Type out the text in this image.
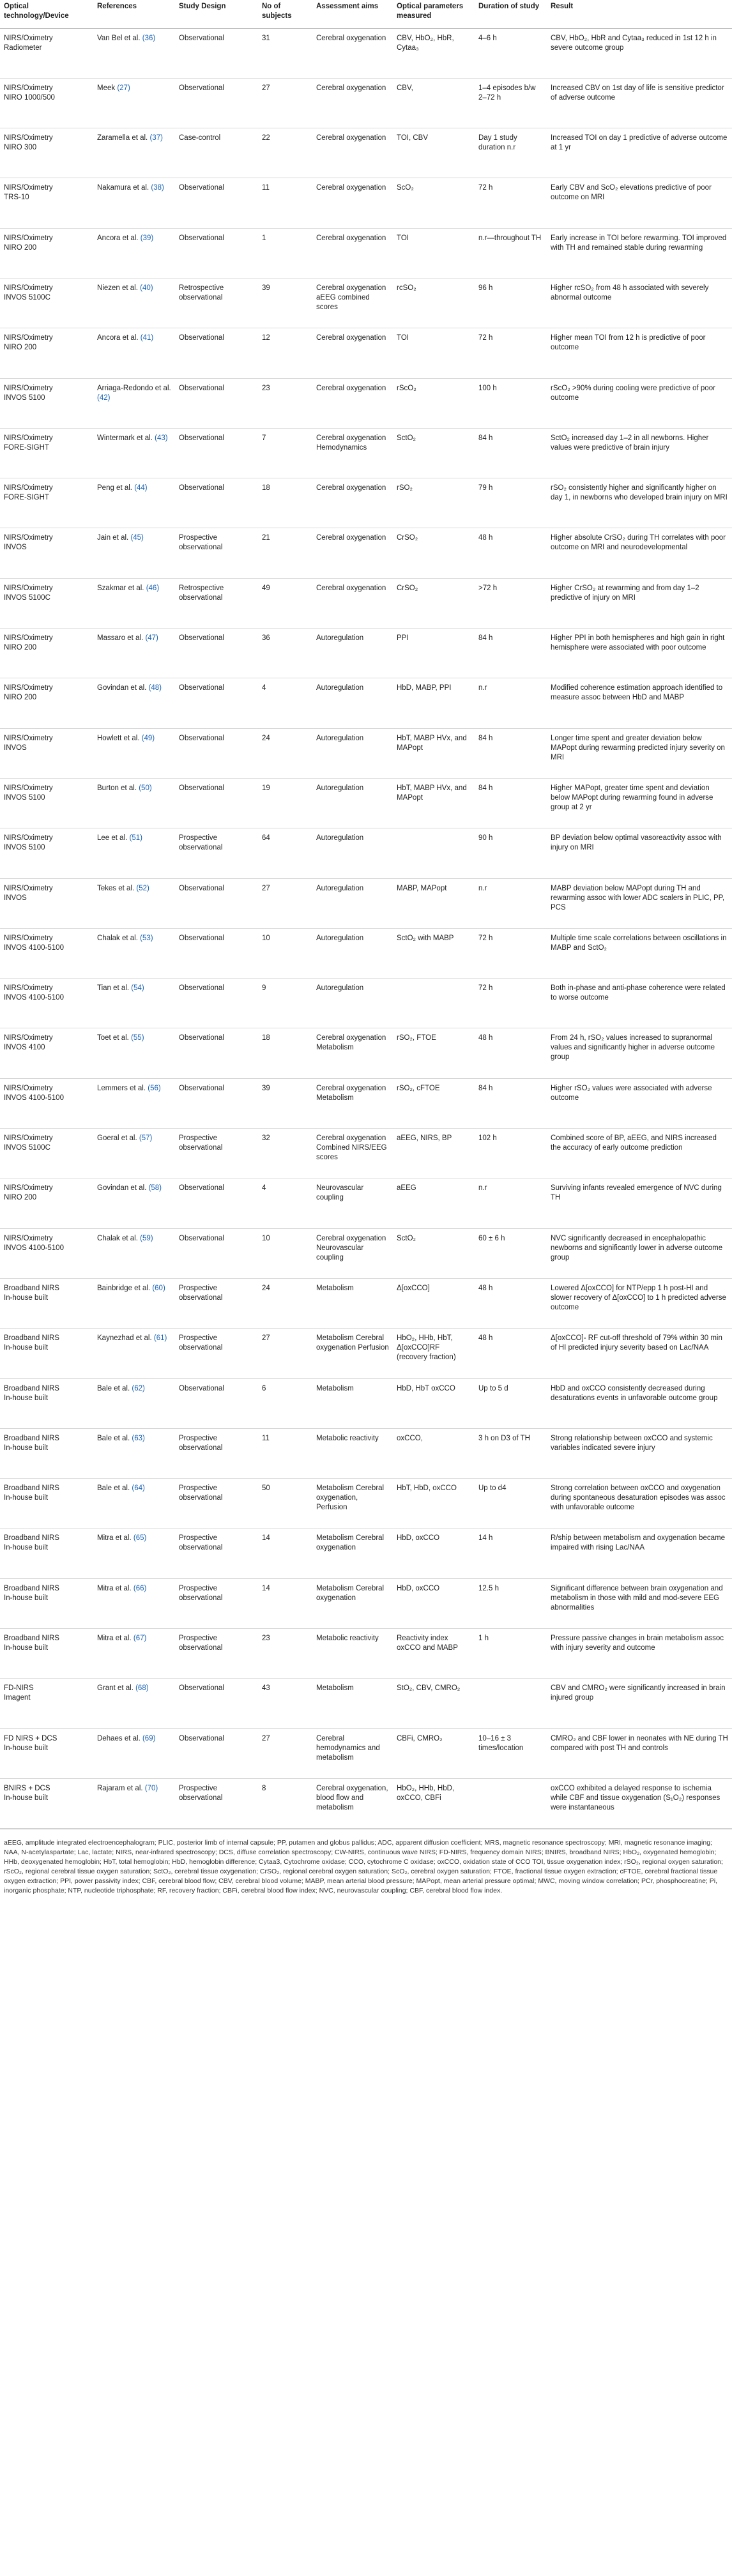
Optical technology/Device	References	Study Design	No of subjects	Assessment aims	Optical parameters measured	Duration of study	Result
NIRS/Oximetry
Radiometer	Van Bel et al. (36)	Observational	31	Cerebral oxygenation	CBV, HbO₂, HbR, Cytaa₃	4–6 h	CBV, HbO₂, HbR and Cytaa₃ reduced in 1st 12 h in severe outcome group
NIRS/Oximetry
NIRO 1000/500	Meek (27)	Observational	27	Cerebral oxygenation	CBV,	1–4 episodes b/w 2–72 h	Increased CBV on 1st day of life is sensitive predictor of adverse outcome
NIRS/Oximetry
NIRO 300	Zaramella et al. (37)	Case-control	22	Cerebral oxygenation	TOI, CBV	Day 1 study duration n.r	Increased TOI on day 1 predictive of adverse outcome at 1 yr
NIRS/Oximetry
TRS-10	Nakamura et al. (38)	Observational	11	Cerebral oxygenation	ScO₂	72 h	Early CBV and ScO₂ elevations predictive of poor outcome on MRI
NIRS/Oximetry
NIRO 200	Ancora et al. (39)	Observational	1	Cerebral oxygenation	TOI	n.r—throughout TH	Early increase in TOI before rewarming. TOI improved with TH and remained stable during rewarming
NIRS/Oximetry
INVOS 5100C	Niezen et al. (40)	Retrospective observational	39	Cerebral oxygenation aEEG combined scores	rcSO₂	96 h	Higher rcSO₂ from 48 h associated with severely abnormal outcome
NIRS/Oximetry
NIRO 200	Ancora et al. (41)	Observational	12	Cerebral oxygenation	TOI	72 h	Higher mean TOI from 12 h is predictive of poor outcome
NIRS/Oximetry
INVOS 5100	Arriaga-Redondo et al. (42)	Observational	23	Cerebral oxygenation	rScO₂	100 h	rScO₂ >90% during cooling were predictive of poor outcome
NIRS/Oximetry
FORE-SIGHT	Wintermark et al. (43)	Observational	7	Cerebral oxygenation Hemodynamics	SctO₂	84 h	SctO₂ increased day 1–2 in all newborns. Higher values were predictive of brain injury
NIRS/Oximetry
FORE-SIGHT	Peng et al. (44)	Observational	18	Cerebral oxygenation	rSO₂	79 h	rSO₂ consistently higher and significantly higher on day 1, in newborns who developed brain injury on MRI
NIRS/Oximetry
INVOS	Jain et al. (45)	Prospective observational	21	Cerebral oxygenation	CrSO₂	48 h	Higher absolute CrSO₂ during TH correlates with poor outcome on MRI and neurodevelopmental
NIRS/Oximetry
INVOS 5100C	Szakmar et al. (46)	Retrospective observational	49	Cerebral oxygenation	CrSO₂	>72 h	Higher CrSO₂ at rewarming and from day 1–2 predictive of injury on MRI
NIRS/Oximetry
NIRO 200	Massaro et al. (47)	Observational	36	Autoregulation	PPI	84 h	Higher PPI in both hemispheres and high gain in right hemisphere were associated with poor outcome
NIRS/Oximetry
NIRO 200	Govindan et al. (48)	Observational	4	Autoregulation	HbD, MABP, PPI	n.r	Modified coherence estimation approach identified to measure assoc between HbD and MABP
NIRS/Oximetry
INVOS	Howlett et al. (49)	Observational	24	Autoregulation	HbT, MABP HVx, and MAPopt	84 h	Longer time spent and greater deviation below MAPopt during rewarming predicted injury severity on MRI
NIRS/Oximetry
INVOS 5100	Burton et al. (50)	Observational	19	Autoregulation	HbT, MABP HVx, and MAPopt	84 h	Higher MAPopt, greater time spent and deviation below MAPopt during rewarming found in adverse group at 2 yr
NIRS/Oximetry
INVOS 5100	Lee et al. (51)	Prospective observational	64	Autoregulation		90 h	BP deviation below optimal vasoreactivity assoc with injury on MRI
NIRS/Oximetry
INVOS	Tekes et al. (52)	Observational	27	Autoregulation	MABP, MAPopt	n.r	MABP deviation below MAPopt during TH and rewarming assoc with lower ADC scalers in PLIC, PP, PCS
NIRS/Oximetry
INVOS 4100-5100	Chalak et al. (53)	Observational	10	Autoregulation	SctO₂ with MABP	72 h	Multiple time scale correlations between oscillations in MABP and SctO₂
NIRS/Oximetry
INVOS 4100-5100	Tian et al. (54)	Observational	9	Autoregulation		72 h	Both in-phase and anti-phase coherence were related to worse outcome
NIRS/Oximetry
INVOS 4100	Toet et al. (55)	Observational	18	Cerebral oxygenation Metabolism	rSO₂, FTOE	48 h	From 24 h, rSO₂ values increased to supranormal values and significantly higher in adverse outcome group
NIRS/Oximetry
INVOS 4100-5100	Lemmers et al. (56)	Observational	39	Cerebral oxygenation Metabolism	rSO₂, cFTOE	84 h	Higher rSO₂ values were associated with adverse outcome
NIRS/Oximetry
INVOS 5100C	Goeral et al. (57)	Prospective observational	32	Cerebral oxygenation Combined NIRS/EEG scores	aEEG, NIRS, BP	102 h	Combined score of BP, aEEG, and NIRS increased the accuracy of early outcome prediction
NIRS/Oximetry
NIRO 200	Govindan et al. (58)	Observational	4	Neurovascular coupling	aEEG	n.r	Surviving infants revealed emergence of NVC during TH
NIRS/Oximetry
INVOS 4100-5100	Chalak et al. (59)	Observational	10	Cerebral oxygenation Neurovascular coupling	SctO₂	60 ± 6 h	NVC significantly decreased in encephalopathic newborns and significantly lower in adverse outcome group
Broadband NIRS
In-house built	Bainbridge et al. (60)	Prospective observational	24	Metabolism	Δ[oxCCO]	48 h	Lowered Δ[oxCCO] for NTP/epp 1 h post-HI and slower recovery of Δ[oxCCO] to 1 h predicted adverse outcome
Broadband NIRS
In-house built	Kaynezhad et al. (61)	Prospective observational	27	Metabolism Cerebral oxygenation Perfusion	HbO₂, HHb, HbT, Δ[oxCCO]RF (recovery fraction)	48 h	Δ[oxCCO]- RF cut-off threshold of 79% within 30 min of HI predicted injury severity based on Lac/NAA
Broadband NIRS
In-house built	Bale et al. (62)	Observational	6	Metabolism	HbD, HbT oxCCO	Up to 5 d	HbD and oxCCO consistently decreased during desaturations events in unfavorable outcome group
Broadband NIRS
In-house built	Bale et al. (63)	Prospective observational	11	Metabolic reactivity	oxCCO,	3 h on D3 of TH	Strong relationship between oxCCO and systemic variables indicated severe injury
Broadband NIRS
In-house built	Bale et al. (64)	Prospective observational	50	Metabolism Cerebral oxygenation, Perfusion	HbT, HbD, oxCCO	Up to d4	Strong correlation between oxCCO and oxygenation during spontaneous desaturation episodes was assoc with unfavorable outcome
Broadband NIRS
In-house built	Mitra et al. (65)	Prospective observational	14	Metabolism Cerebral oxygenation	HbD, oxCCO	14 h	R/ship between metabolism and oxygenation became impaired with rising Lac/NAA
Broadband NIRS
In-house built	Mitra et al. (66)	Prospective observational	14	Metabolism Cerebral oxygenation	HbD, oxCCO	12.5 h	Significant difference between brain oxygenation and metabolism in those with mild and mod-severe EEG abnormalities
Broadband NIRS
In-house built	Mitra et al. (67)	Prospective observational	23	Metabolic reactivity	Reactivity index oxCCO and MABP	1 h	Pressure passive changes in brain metabolism assoc with injury severity and outcome
FD-NIRS
Imagent	Grant et al. (68)	Observational	43	Metabolism	StO₂, CBV, CMRO₂		CBV and CMRO₂ were significantly increased in brain injured group
FD NIRS + DCS
In-house built	Dehaes et al. (69)	Observational	27	Cerebral hemodynamics and metabolism	CBFi, CMRO₂	10–16 ± 3 times/location	CMRO₂ and CBF lower in neonates with NE during TH compared with post TH and controls
BNIRS + DCS
In-house built	Rajaram et al. (70)	Prospective observational	8	Cerebral oxygenation, blood flow and metabolism	HbO₂, HHb, HbD, oxCCO, CBFi		oxCCO exhibited a delayed response to ischemia while CBF and tissue oxygenation (S₁O₂) responses were instantaneous
aEEG, amplitude integrated electroencephalogram; PLIC, posterior limb of internal capsule; PP, putamen and globus pallidus; ADC, apparent diffusion coefficient; MRS, magnetic resonance spectroscopy; MRI, magnetic resonance imaging; NAA, N-acetylaspartate; Lac, lactate; NIRS, near-infrared spectroscopy; DCS, diffuse correlation spectroscopy; CW-NIRS, continuous wave NIRS; FD-NIRS, frequency domain NIRS; BNIRS, broadband NIRS; HbO₂, oxygenated hemoglobin; HHb, deoxygenated hemoglobin; HbT, total hemoglobin; HbD, hemoglobin difference; Cytaa3, Cytochrome oxidase; CCO, cytochrome C oxidase; oxCCO, oxidation state of CCO TOI, tissue oxygenation index; rSO₂, regional oxygen saturation; rScO₂, regional cerebral tissue oxygen saturation; SctO₂, cerebral tissue oxygenation; CrSO₂, regional cerebral oxygen saturation; ScO₂, cerebral oxygen saturation; FTOE, fractional tissue oxygen extraction; cFTOE, cerebral fractional tissue oxygen extraction; PPI, power passivity index; CBF, cerebral blood flow; CBV, cerebral blood volume; MABP, mean arterial blood pressure; MAPopt, mean arterial pressure optimal; MWC, moving window correlation; PCr, phosphocreatine; Pi, inorganic phosphate; NTP, nucleotide triphosphate; RF, recovery fraction; CBFi, cerebral blood flow index; NVC, neurovascular coupling; CBF, cerebral blood flow index.
